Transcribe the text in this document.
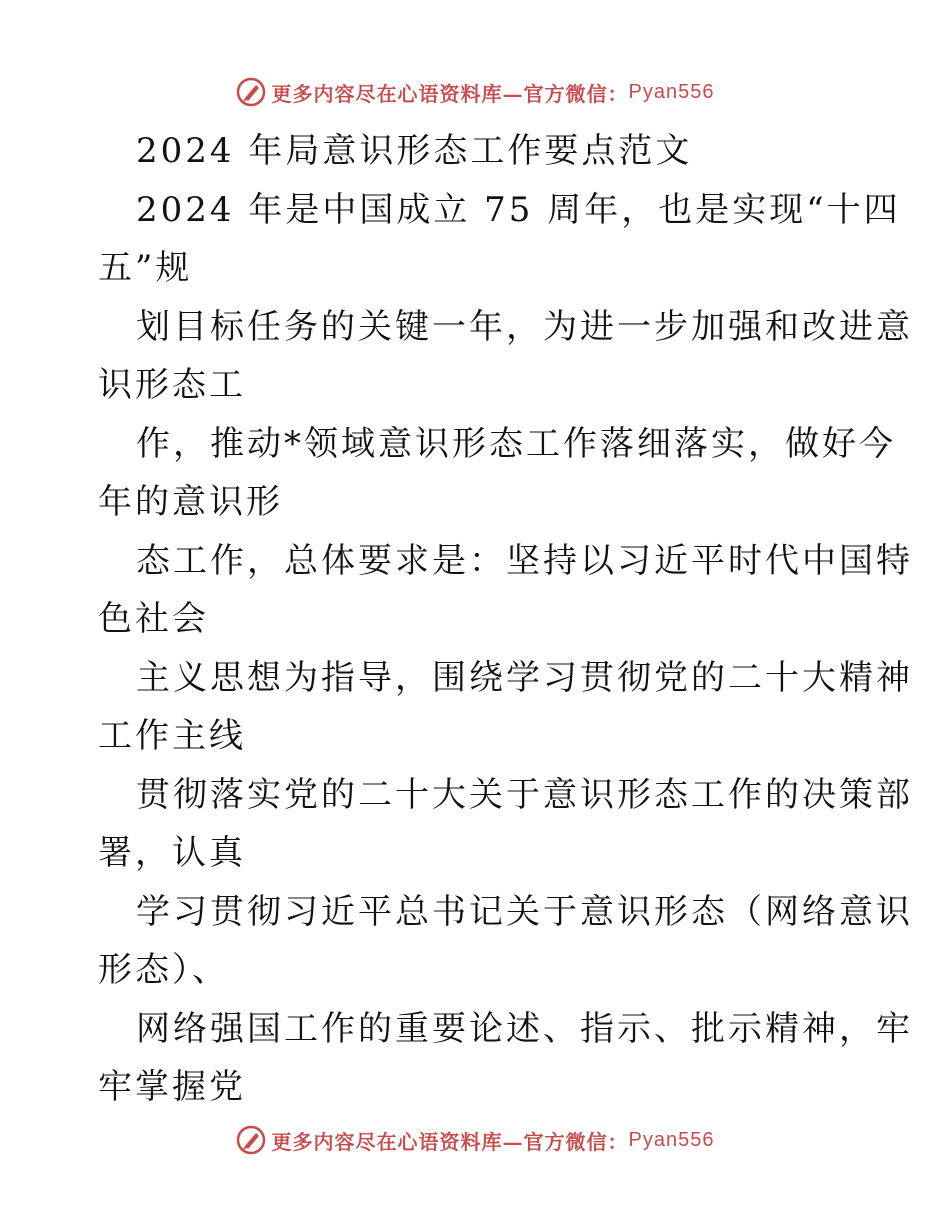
更多内容尽在心语资料库—官方微信： Pyan556
2024 年局意识形态工作要点范文
2024 年是中国成立 75 周年，也是实现“十四
五”规
划目标任务的关键一年，为进一步加强和改进意
识形态工
作，推动*领域意识形态工作落细落实，做好今
年的意识形
态工作，总体要求是：坚持以习近平时代中国特
色社会
主义思想为指导，围绕学习贯彻党的二十大精神
工作主线
贯彻落实党的二十大关于意识形态工作的决策部
署，认真
学习贯彻习近平总书记关于意识形态（网络意识
形态）、
网络强国工作的重要论述、指示、批示精神，牢
牢掌握党
更多内容尽在心语资料库—官方微信： Pyan556
